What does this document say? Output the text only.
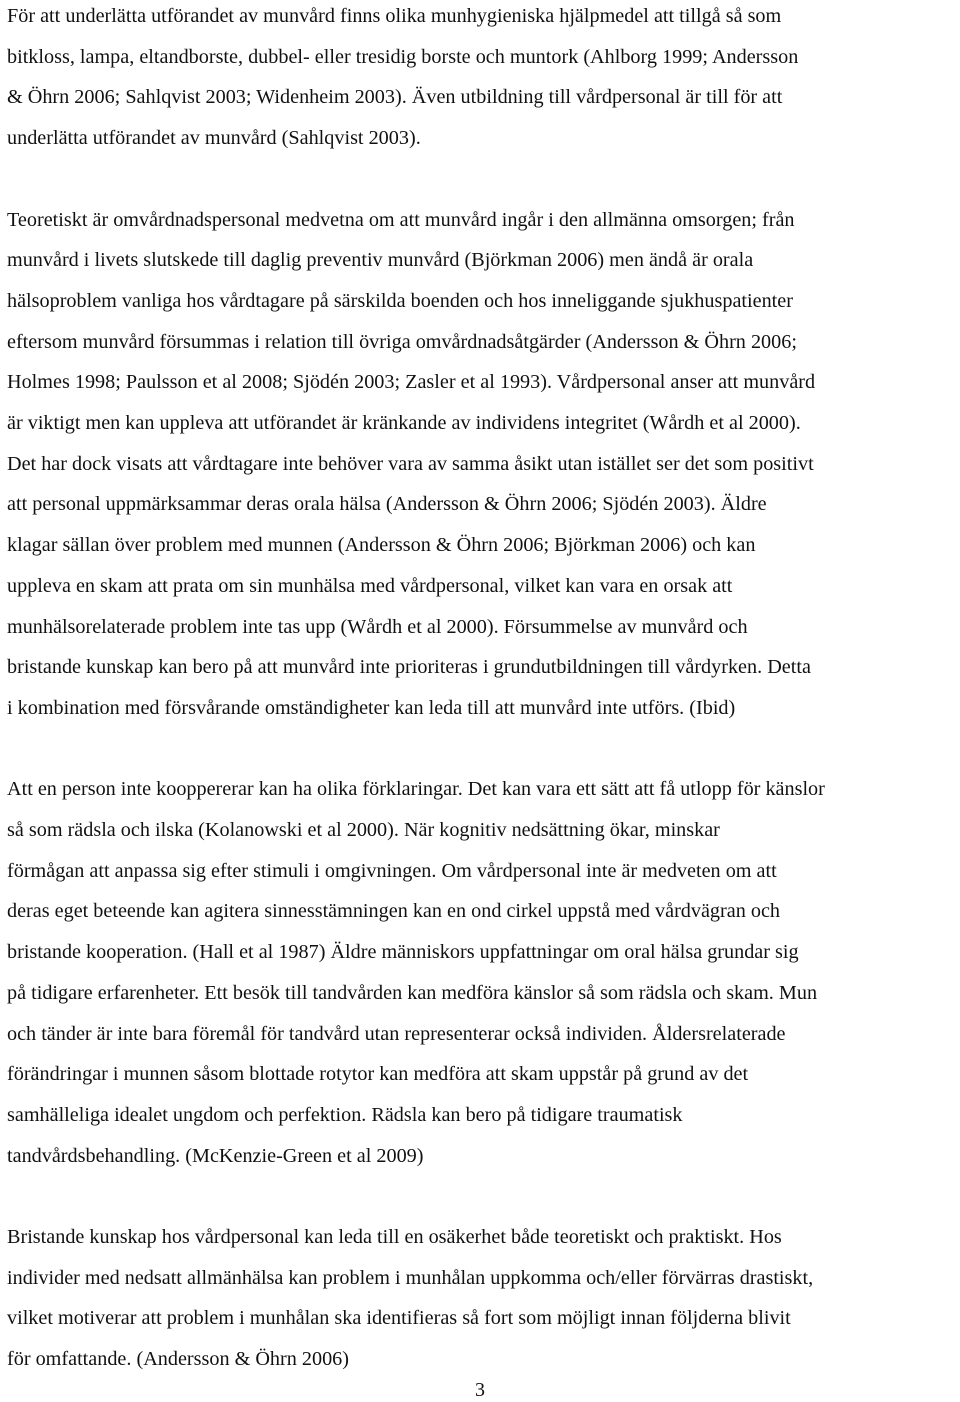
För att underlätta utförandet av munvård finns olika munhygieniska hjälpmedel att tillgå så som
bitkloss, lampa, eltandborste, dubbel- eller tresidig borste och muntork (Ahlborg 1999; Andersson
& Öhrn 2006; Sahlqvist 2003; Widenheim 2003). Även utbildning till vårdpersonal är till för att
underlätta utförandet av munvård (Sahlqvist 2003).

Teoretiskt är omvårdnadspersonal medvetna om att munvård ingår i den allmänna omsorgen; från
munvård i livets slutskede till daglig preventiv munvård (Björkman 2006) men ändå är orala
hälsoproblem vanliga hos vårdtagare på särskilda boenden och hos inneliggande sjukhuspatienter
eftersom munvård försummas i relation till övriga omvårdnadsåtgärder (Andersson & Öhrn 2006;
Holmes 1998; Paulsson et al 2008; Sjödén 2003; Zasler et al 1993). Vårdpersonal anser att munvård
är viktigt men kan uppleva att utförandet är kränkande av individens integritet (Wårdh et al 2000).
Det har dock visats att vårdtagare inte behöver vara av samma åsikt utan istället ser det som positivt
att personal uppmärksammar deras orala hälsa (Andersson & Öhrn 2006; Sjödén 2003). Äldre
klagar sällan över problem med munnen (Andersson & Öhrn 2006; Björkman 2006) och kan
uppleva en skam att prata om sin munhälsa med vårdpersonal, vilket kan vara en orsak att
munhälsorelaterade problem inte tas upp (Wårdh et al 2000). Försummelse av munvård och
bristande kunskap kan bero på att munvård inte prioriteras i grundutbildningen till vårdyrken. Detta
i kombination med försvårande omständigheter kan leda till att munvård inte utförs. (Ibid)

Att en person inte kooppererar kan ha olika förklaringar. Det kan vara ett sätt att få utlopp för känslor
så som rädsla och ilska (Kolanowski et al 2000). När kognitiv nedsättning ökar, minskar
förmågan att anpassa sig efter stimuli i omgivningen. Om vårdpersonal inte är medveten om att
deras eget beteende kan agitera sinnesstämningen kan en ond cirkel uppstå med vårdvägran och
bristande kooperation. (Hall et al 1987) Äldre människors uppfattningar om oral hälsa grundar sig
på tidigare erfarenheter. Ett besök till tandvården kan medföra känslor så som rädsla och skam. Mun
och tänder är inte bara föremål för tandvård utan representerar också individen. Åldersrelaterade
förändringar i munnen såsom blottade rotytor kan medföra att skam uppstår på grund av det
samhälleliga idealet ungdom och perfektion. Rädsla kan bero på tidigare traumatisk
tandvårdsbehandling. (McKenzie-Green et al 2009)

Bristande kunskap hos vårdpersonal kan leda till en osäkerhet både teoretiskt och praktiskt. Hos
individer med nedsatt allmänhälsa kan problem i munhålan uppkomma och/eller förvärras drastiskt,
vilket motiverar att problem i munhålan ska identifieras så fort som möjligt innan följderna blivit
för omfattande. (Andersson & Öhrn 2006)

3
